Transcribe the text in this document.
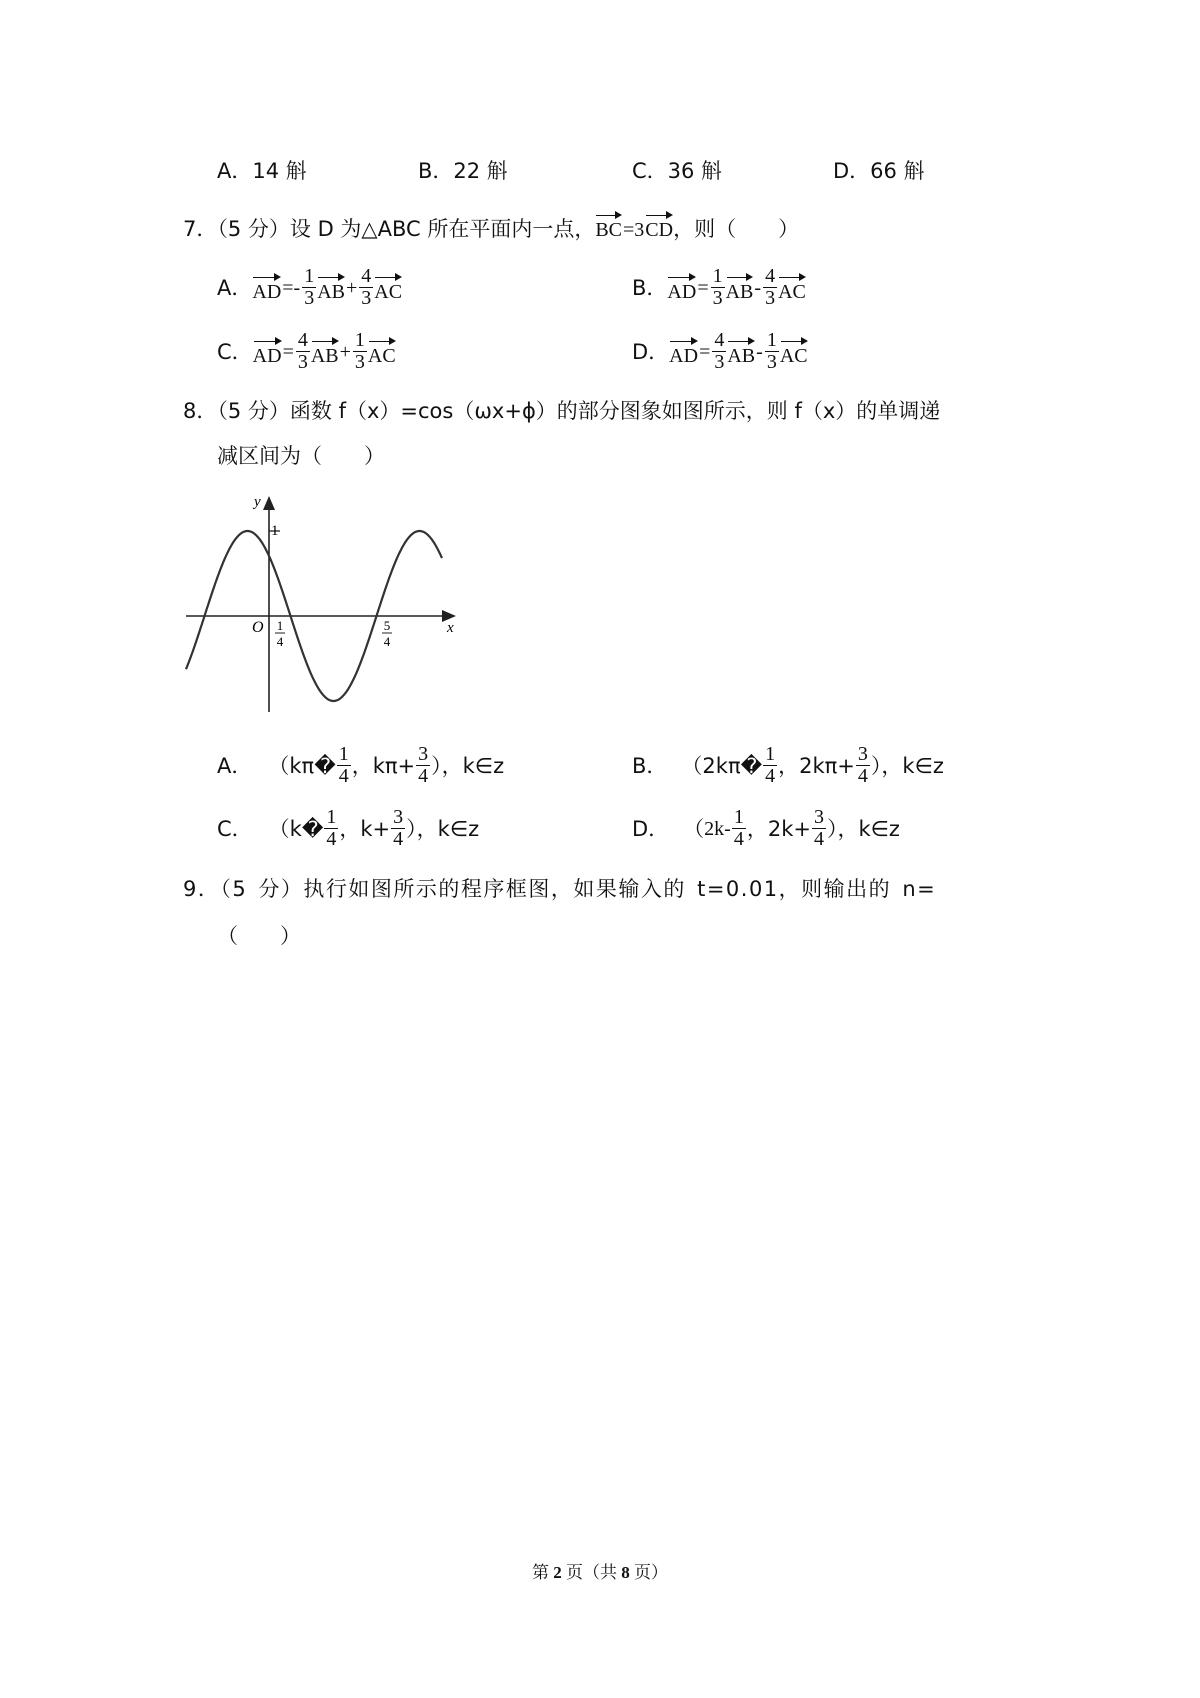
A．14 斛	B．22 斛	C．36 斛	D．66 斛
7．（5 分）设 D 为△ABC 所在平面内一点，BC=3CD，则（　　）
A． AD =- $\frac{1}{3}$ AB + $\frac{4}{3}$ AC	B． AD = $\frac{1}{3}$ AB - $\frac{4}{3}$ AC
C． AD = $\frac{4}{3}$ AB + $\frac{1}{3}$ AC	D． AD = $\frac{4}{3}$ AB - $\frac{1}{3}$ AC
8．（5 分）函数 f（x）=cos（ωx+ϕ）的部分图象如图所示，则 f（x）的单调递
减区间为（　　）
y
1
O	x
1
4
5
4
A． （kπ � $\frac{1}{4}$ ，$k\pi+ \frac{3}{4}$ ），k∈z	B． （2kπ � $\frac{1}{4}$ ，$2k\pi+ \frac{3}{4}$ ），k∈z
C． （k � $\frac{1}{4}$ ，$k+ \frac{3}{4}$ ），k∈z	D． （ $2k- \frac{1}{4}$ ，$2k+ \frac{3}{4}$ ），k∈z
9．（5 分）执行如图所示的程序框图，如果输入的 t=0.01，则输出的 n=
（　　）
第 2 页（共 8 页）
